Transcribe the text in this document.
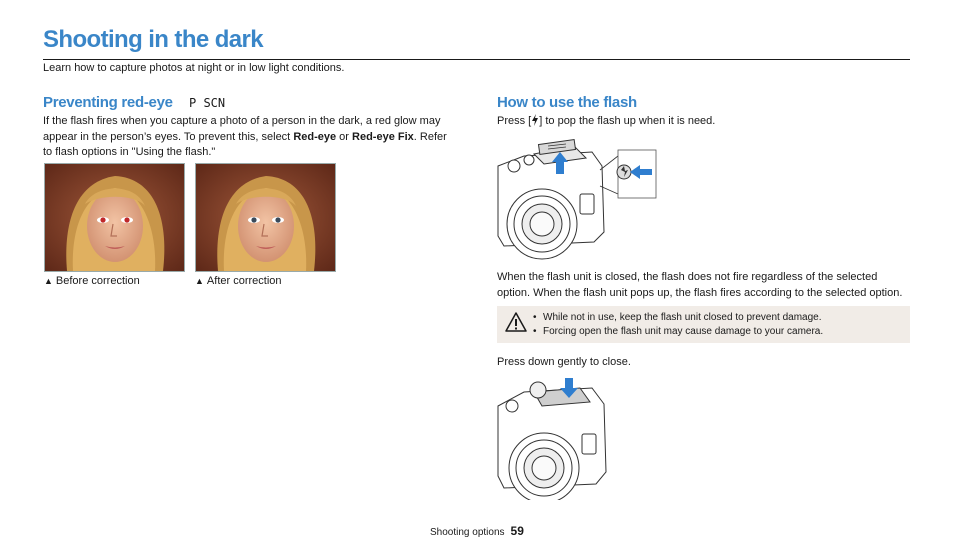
Shooting in the dark
Learn how to capture photos at night or in low light conditions.
Preventing red-eye P SCN

If the flash fires when you capture a photo of a person in the dark, a red glow may appear in the person’s eyes. To prevent this, select Red-eye or Red-eye Fix. Refer to flash options in "Using the flash."

▲ Before correction	▲ After correction
How to use the flash

Press [ ] to pop the flash up when it is need.

When the flash unit is closed, the flash does not fire regardless of the selected option. When the flash unit pops up, the flash fires according to the selected option.

• While not in use, keep the flash unit closed to prevent damage.
• Forcing open the flash unit may cause damage to your camera.

Press down gently to close.

Shooting options 59
